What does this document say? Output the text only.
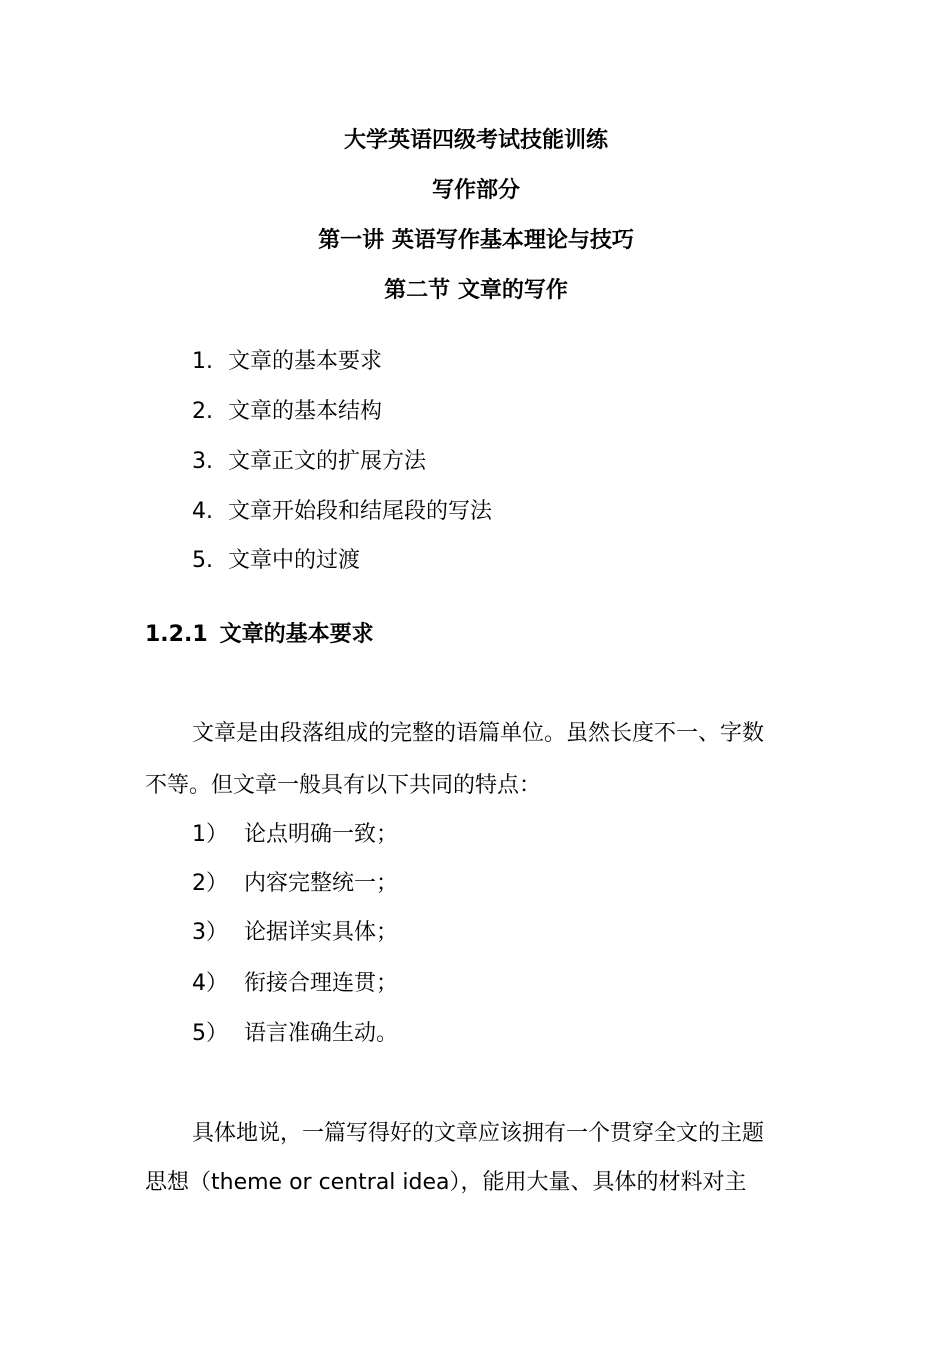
大学英语四级考试技能训练
写作部分
第一讲 英语写作基本理论与技巧
第二节 文章的写作
1. 文章的基本要求
2. 文章的基本结构
3. 文章正文的扩展方法
4. 文章开始段和结尾段的写法
5. 文章中的过渡
1.2.1 文章的基本要求
文章是由段落组成的完整的语篇单位。虽然长度不一、字数
不等。但文章一般具有以下共同的特点：
1） 论点明确一致；
2） 内容完整统一；
3） 论据详实具体；
4） 衔接合理连贯；
5） 语言准确生动。
具体地说，一篇写得好的文章应该拥有一个贯穿全文的主题
思想（theme or central idea），能用大量、具体的材料对主
